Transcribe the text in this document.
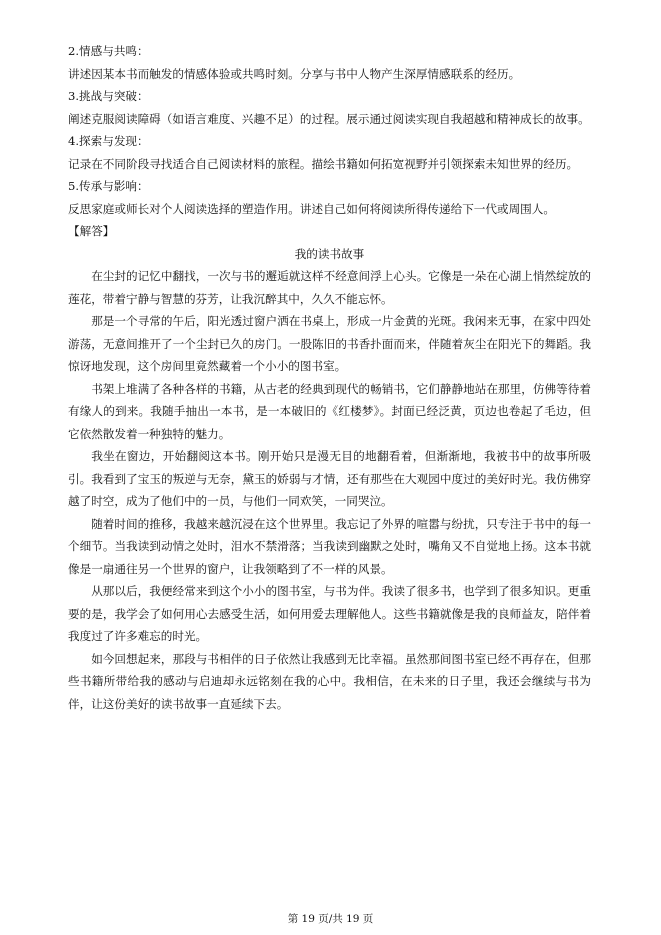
2.情感与共鸣：

讲述因某本书而触发的情感体验或共鸣时刻。分享与书中人物产生深厚情感联系的经历。

3.挑战与突破：

阐述克服阅读障碍（如语言难度、兴趣不足）的过程。展示通过阅读实现自我超越和精神成长的故事。

4.探索与发现：

记录在不同阶段寻找适合自己阅读材料的旅程。描绘书籍如何拓宽视野并引领探索未知世界的经历。

5.传承与影响：

反思家庭或师长对个人阅读选择的塑造作用。讲述自己如何将阅读所得传递给下一代或周围人。

【解答】

我的读书故事

在尘封的记忆中翻找，一次与书的邂逅就这样不经意间浮上心头。它像是一朵在心湖上悄然绽放的莲花，带着宁静与智慧的芬芳，让我沉醉其中，久久不能忘怀。

那是一个寻常的午后，阳光透过窗户洒在书桌上，形成一片金黄的光斑。我闲来无事，在家中四处游荡，无意间推开了一个尘封已久的房门。一股陈旧的书香扑面而来，伴随着灰尘在阳光下的舞蹈。我惊讶地发现，这个房间里竟然藏着一个小小的图书室。

书架上堆满了各种各样的书籍，从古老的经典到现代的畅销书，它们静静地站在那里，仿佛等待着有缘人的到来。我随手抽出一本书，是一本破旧的《红楼梦》。封面已经泛黄，页边也卷起了毛边，但它依然散发着一种独特的魅力。

我坐在窗边，开始翻阅这本书。刚开始只是漫无目的地翻看着，但渐渐地，我被书中的故事所吸引。我看到了宝玉的叛逆与无奈，黛玉的娇弱与才情，还有那些在大观园中度过的美好时光。我仿佛穿越了时空，成为了他们中的一员，与他们一同欢笑，一同哭泣。

随着时间的推移，我越来越沉浸在这个世界里。我忘记了外界的喧嚣与纷扰，只专注于书中的每一个细节。当我读到动情之处时，泪水不禁滑落；当我读到幽默之处时，嘴角又不自觉地上扬。这本书就像是一扇通往另一个世界的窗户，让我领略到了不一样的风景。

从那以后，我便经常来到这个小小的图书室，与书为伴。我读了很多书，也学到了很多知识。更重要的是，我学会了如何用心去感受生活，如何用爱去理解他人。这些书籍就像是我的良师益友，陪伴着我度过了许多难忘的时光。

如今回想起来，那段与书相伴的日子依然让我感到无比幸福。虽然那间图书室已经不再存在，但那些书籍所带给我的感动与启迪却永远铭刻在我的心中。我相信，在未来的日子里，我还会继续与书为伴，让这份美好的读书故事一直延续下去。

第 19 页/共 19 页
